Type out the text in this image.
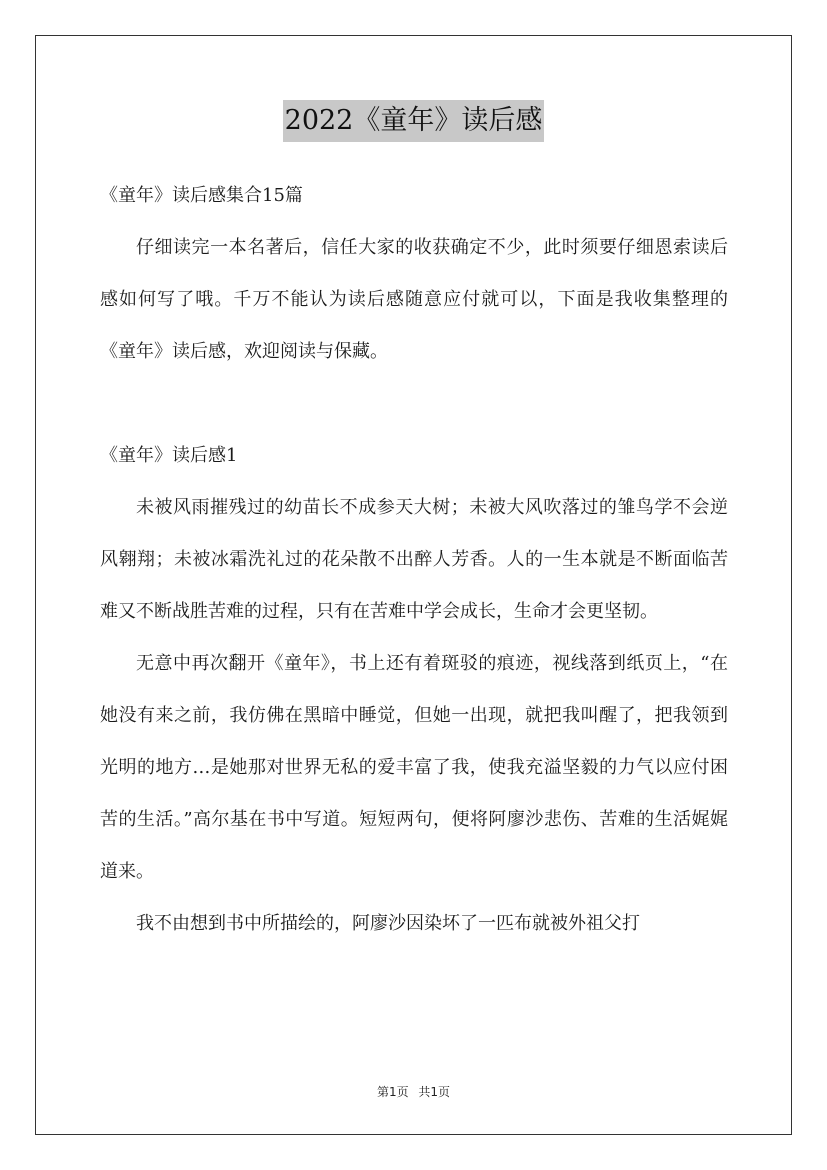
2022《童年》读后感

《童年》读后感集合15篇

仔细读完一本名著后，信任大家的收获确定不少，此时须要仔细恩索读后感如何写了哦。千万不能认为读后感随意应付就可以，下面是我收集整理的《童年》读后感，欢迎阅读与保藏。

《童年》读后感1

未被风雨摧残过的幼苗长不成参天大树；未被大风吹落过的雏鸟学不会逆风翱翔；未被冰霜洗礼过的花朵散不出醉人芳香。人的一生本就是不断面临苦难又不断战胜苦难的过程，只有在苦难中学会成长，生命才会更坚韧。

无意中再次翻开《童年》，书上还有着斑驳的痕迹，视线落到纸页上，“在她没有来之前，我仿佛在黑暗中睡觉，但她一出现，就把我叫醒了，把我领到光明的地方…是她那对世界无私的爱丰富了我，使我充溢坚毅的力气以应付困苦的生活。”高尔基在书中写道。短短两句，便将阿廖沙悲伤、苦难的生活娓娓道来。

我不由想到书中所描绘的，阿廖沙因染坏了一匹布就被外祖父打

第1页 共1页
